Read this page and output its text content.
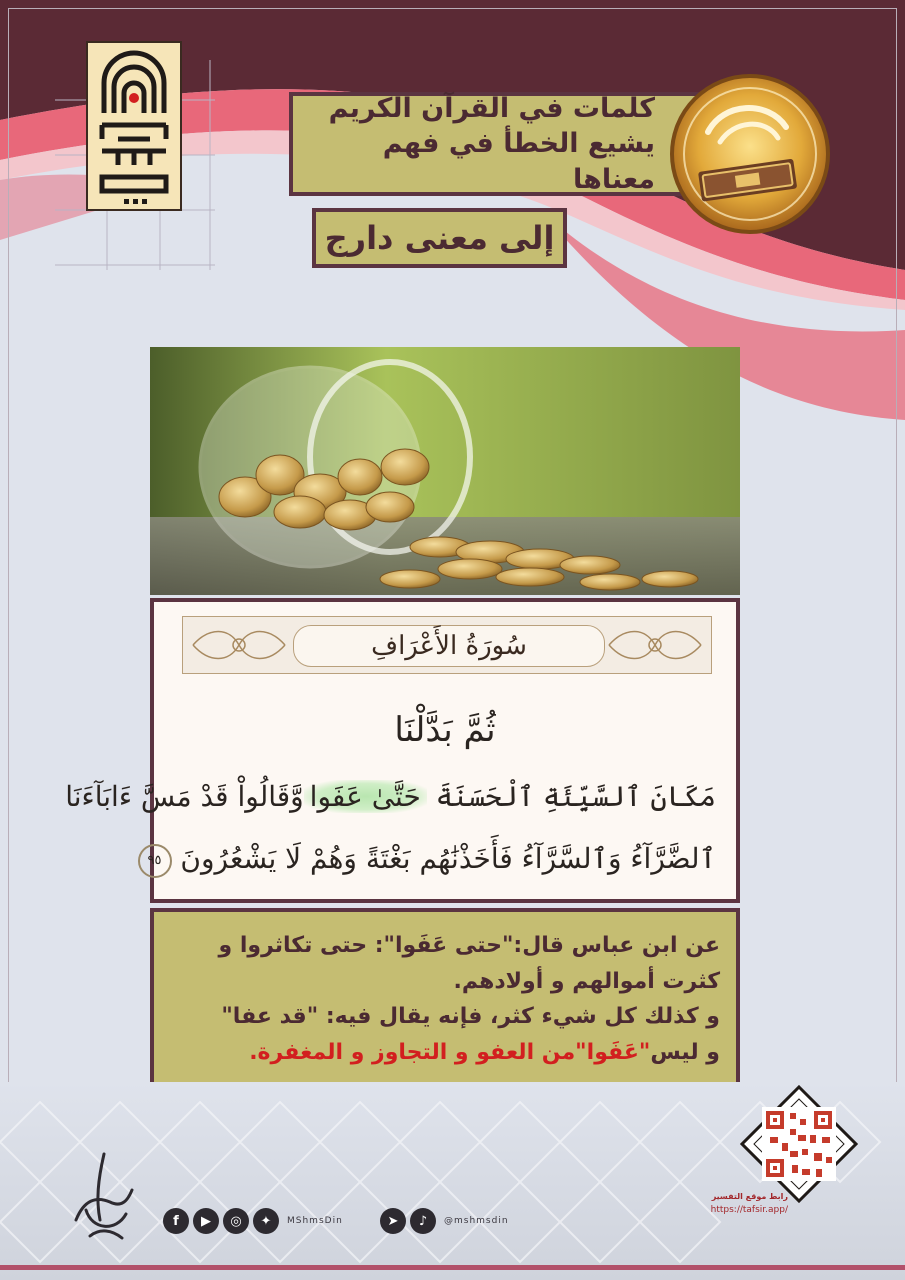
كلمات في القرآن الكريم
يشيع الخطأ في فهم معناها
إلى معنى دارج
سُورَةُ الأَعْرَافِ
ثُمَّ بَدَّلْنَا
مَكَانَ ٱلسَّيِّئَةِ ٱلْحَسَنَةَ حَتَّىٰ عَفَواوَّقَالُواْ قَدْ مَسَّ ءَابَآءَنَا
ٱلضَّرَّآءُ وَٱلسَّرَّآءُ فَأَخَذْنَٰهُم بَغْتَةً وَهُمْ لَا يَشْعُرُونَ ٩٥
عن ابن عباس قال:"حتى عَفَوا": حتى تكاثروا و
كثرت أموالهم و أولادهم.
و كذلك كل شيء كثر، فإنه يقال فيه: "قد عفا"
و ليس"عَفَوا"من العفو و التجاوز و المغفرة.
f	▶	◎	✦	MShmsDin	➤	♪	@mshmsdin
رابط موقع التفسير
https://tafsir.app/
